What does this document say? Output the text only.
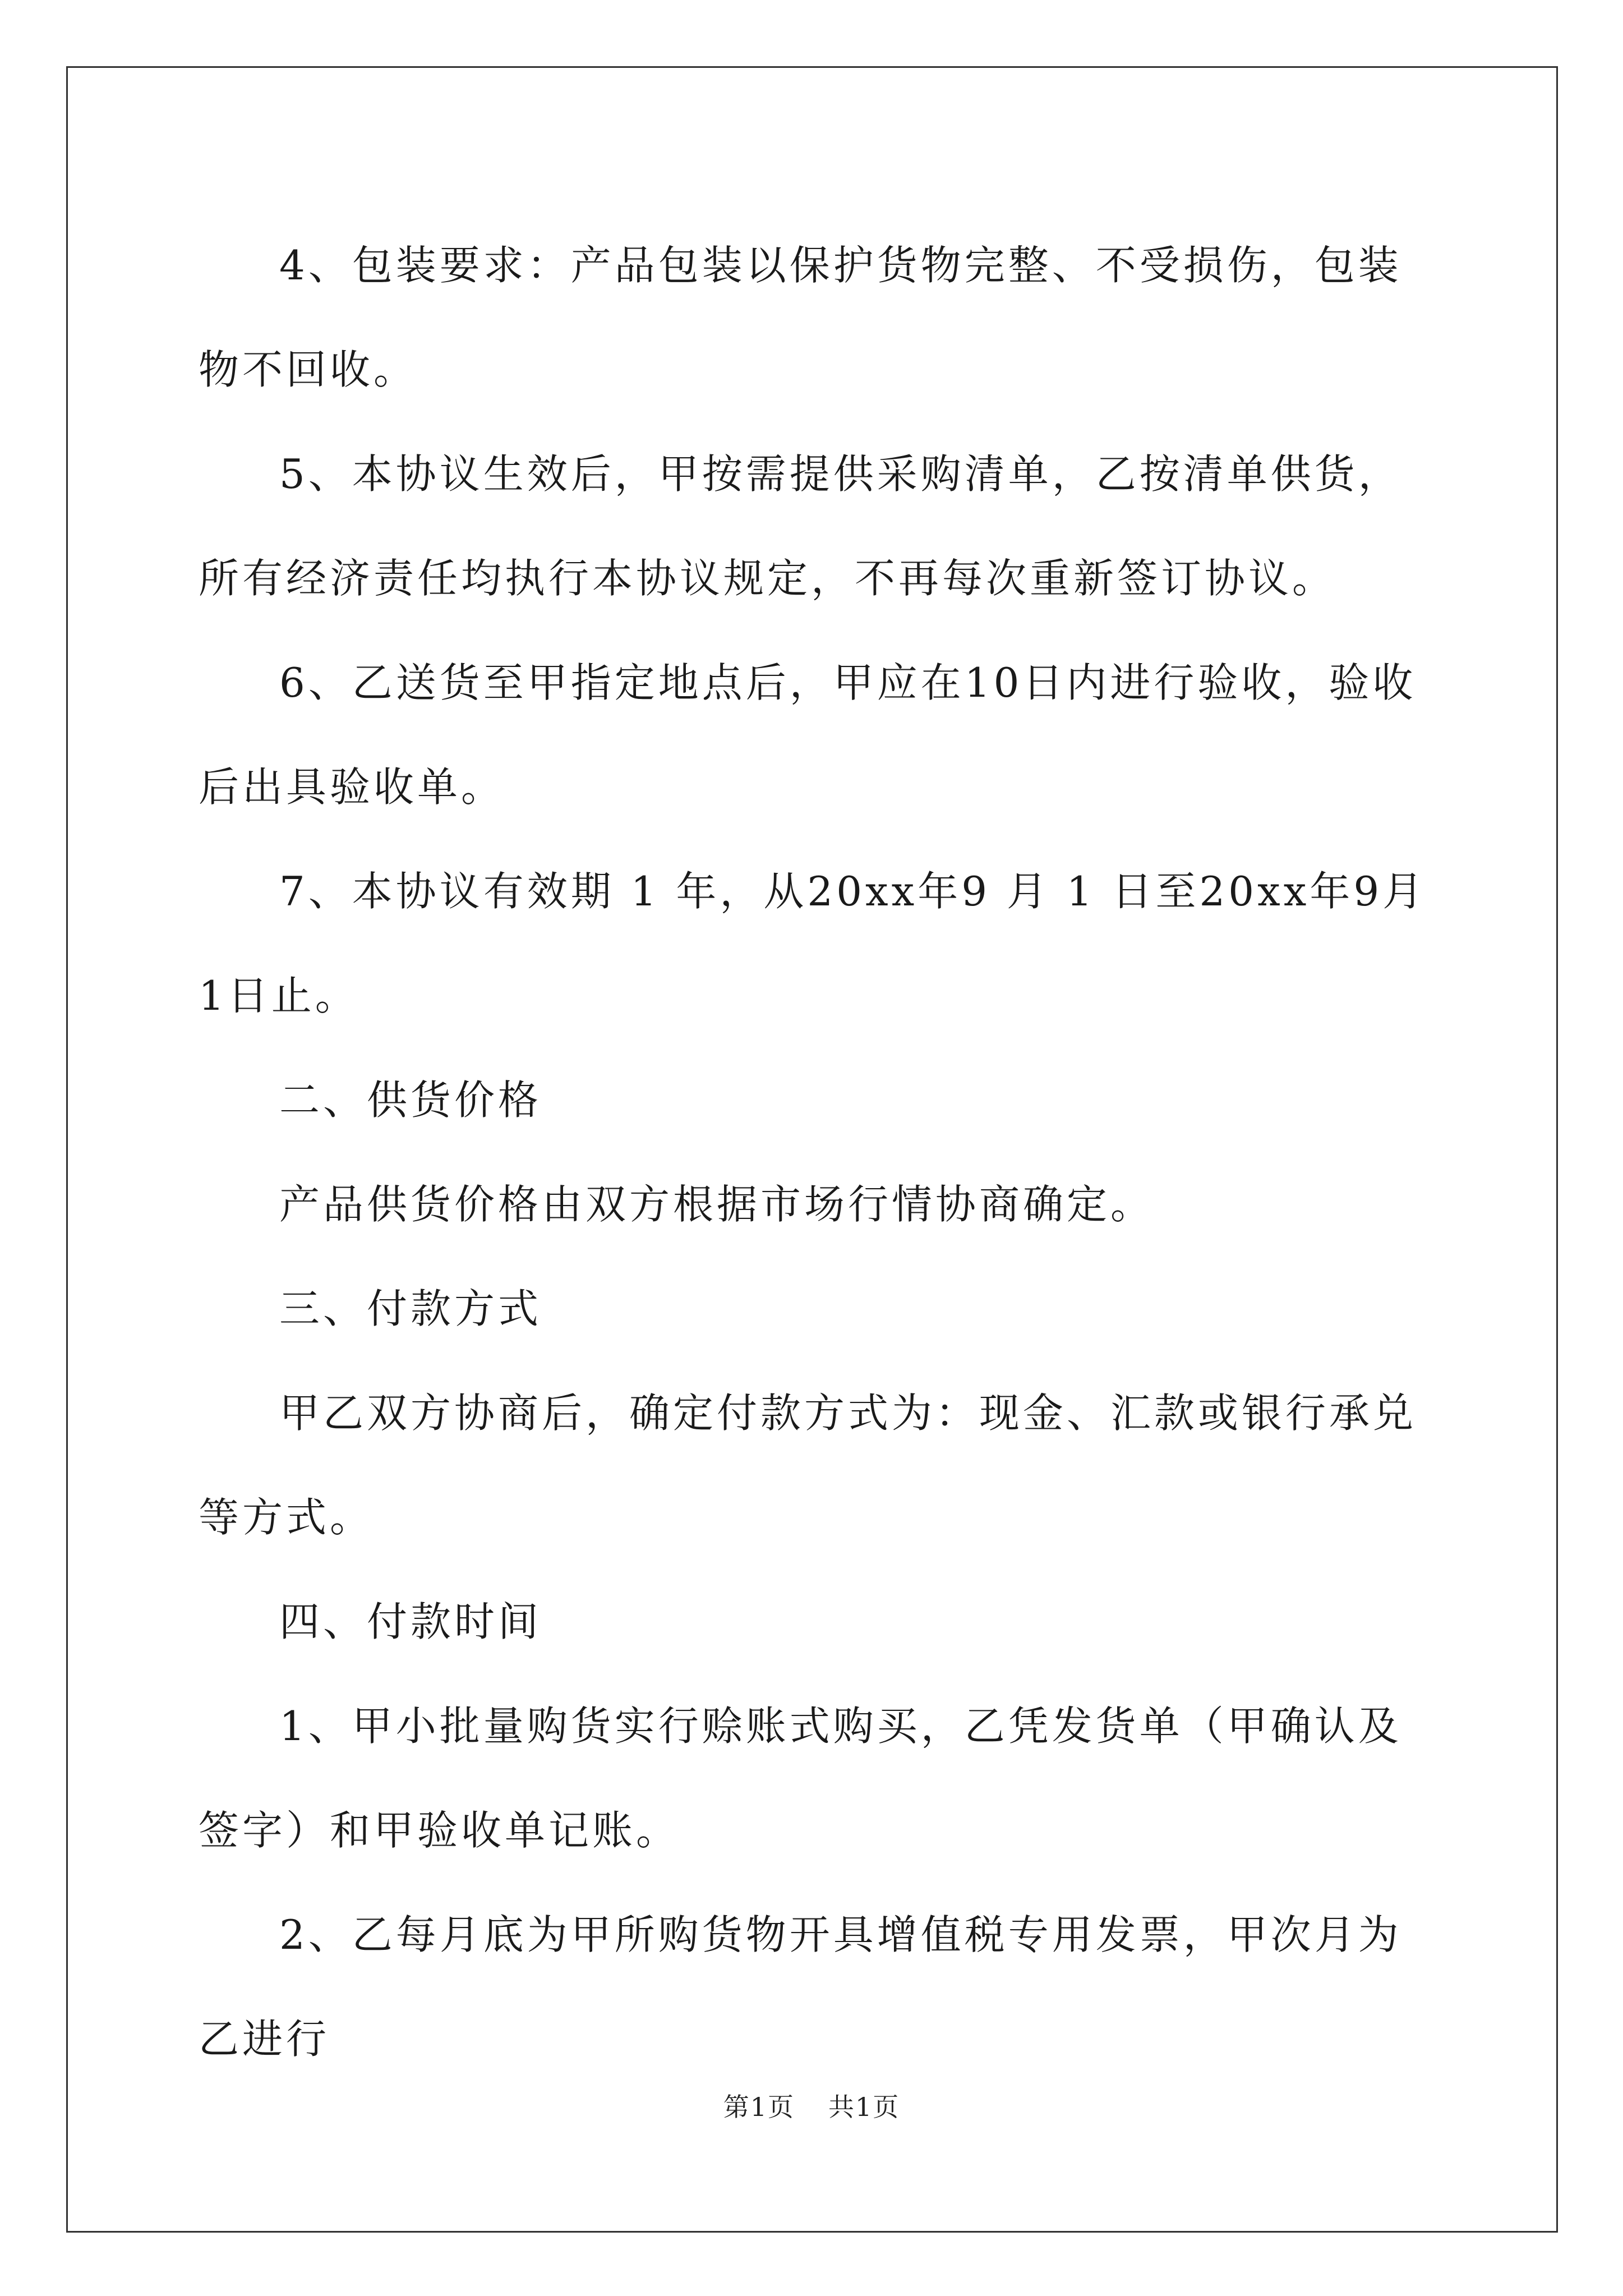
4、包装要求：产品包装以保护货物完整、不受损伤，包装物不回收。

5、本协议生效后，甲按需提供采购清单，乙按清单供货，所有经济责任均执行本协议规定，不再每次重新签订协议。

6、乙送货至甲指定地点后，甲应在10日内进行验收，验收后出具验收单。

7、本协议有效期 1 年，从20xx年9 月 1 日至20xx年9月1日止。

二、供货价格

产品供货价格由双方根据市场行情协商确定。

三、付款方式

甲乙双方协商后，确定付款方式为：现金、汇款或银行承兑等方式。

四、付款时间

1、甲小批量购货实行赊账式购买，乙凭发货单（甲确认及签字）和甲验收单记账。

2、乙每月底为甲所购货物开具增值税专用发票，甲次月为乙进行

第1页 共1页
